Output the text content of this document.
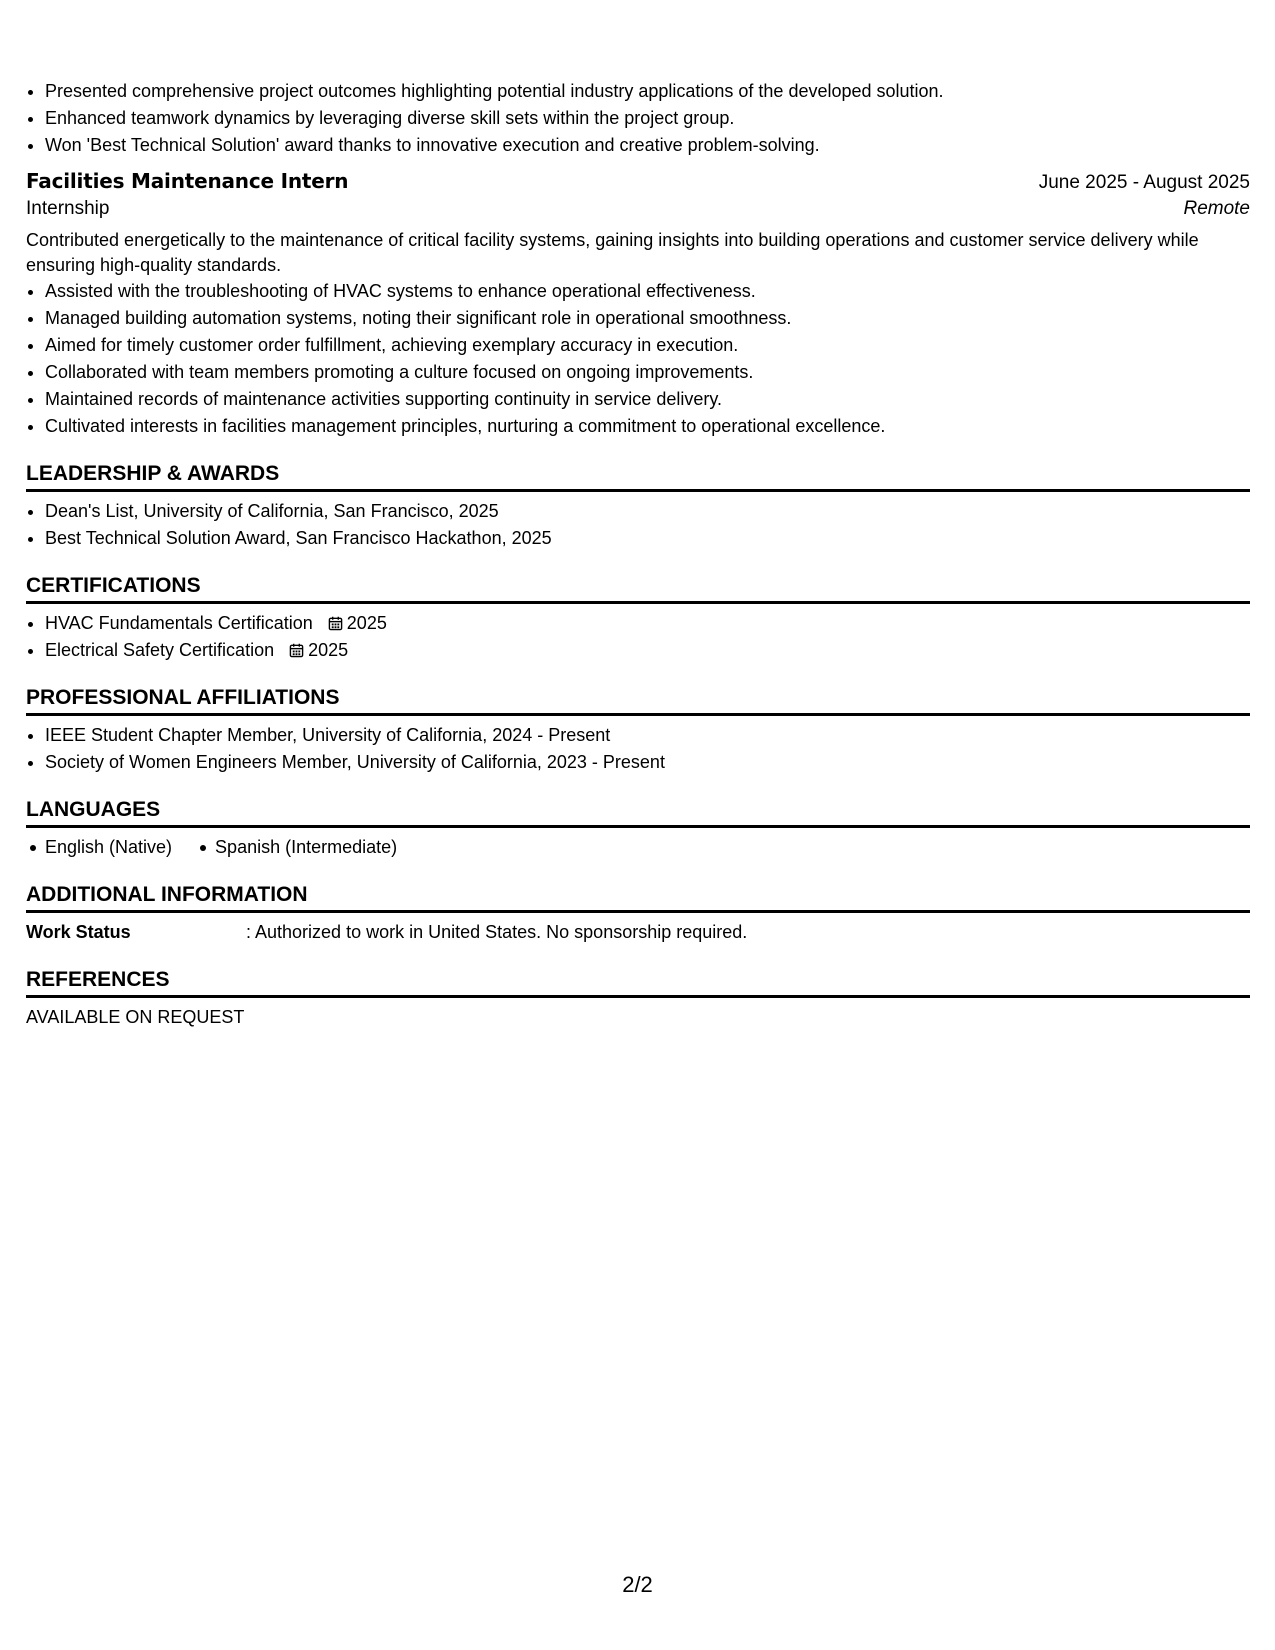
• Presented comprehensive project outcomes highlighting potential industry applications of the developed solution.
• Enhanced teamwork dynamics by leveraging diverse skill sets within the project group.
• Won 'Best Technical Solution' award thanks to innovative execution and creative problem-solving.
Facilities Maintenance Intern	June 2025 - August 2025
Internship	Remote
Contributed energetically to the maintenance of critical facility systems, gaining insights into building operations and customer service delivery while ensuring high-quality standards.
• Assisted with the troubleshooting of HVAC systems to enhance operational effectiveness.
• Managed building automation systems, noting their significant role in operational smoothness.
• Aimed for timely customer order fulfillment, achieving exemplary accuracy in execution.
• Collaborated with team members promoting a culture focused on ongoing improvements.
• Maintained records of maintenance activities supporting continuity in service delivery.
• Cultivated interests in facilities management principles, nurturing a commitment to operational excellence.
LEADERSHIP & AWARDS
• Dean's List, University of California, San Francisco, 2025
• Best Technical Solution Award, San Francisco Hackathon, 2025
CERTIFICATIONS
• HVAC Fundamentals Certification 2025
• Electrical Safety Certification 2025
PROFESSIONAL AFFILIATIONS
• IEEE Student Chapter Member, University of California, 2024 - Present
• Society of Women Engineers Member, University of California, 2023 - Present
LANGUAGES
English (Native)	Spanish (Intermediate)
ADDITIONAL INFORMATION
Work Status	: Authorized to work in United States. No sponsorship required.
REFERENCES
AVAILABLE ON REQUEST
2/2
